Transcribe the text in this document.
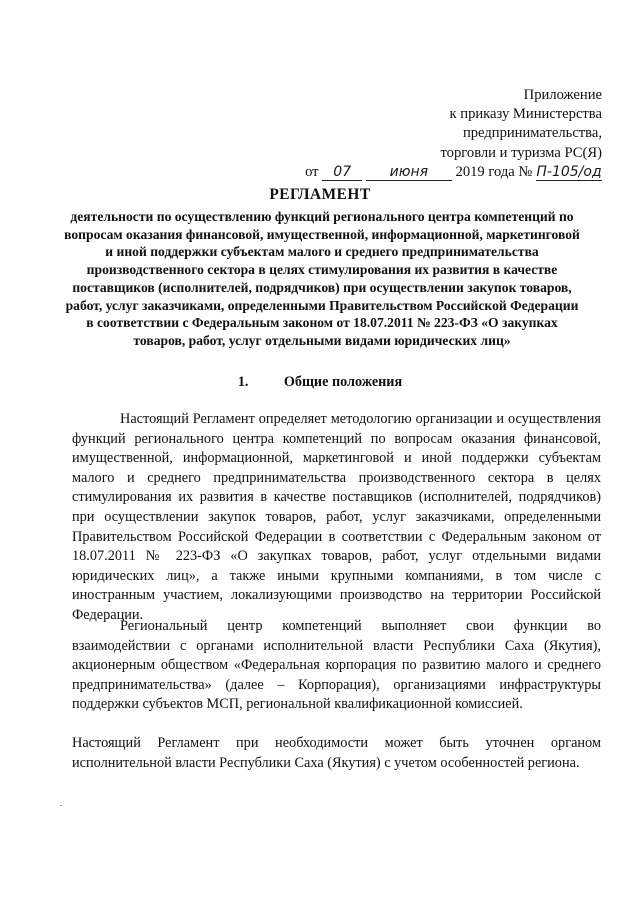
Приложение
к приказу Министерства
предпринимательства,
торговли и туризма РС(Я)
от 07	июня 2019 года № П-105/од
РЕГЛАМЕНТ
деятельности по осуществлению функций регионального центра компетенций по вопросам оказания финансовой, имущественной, информационной, маркетинговой и иной поддержки субъектам малого и среднего предпринимательства производственного сектора в целях стимулирования их развития в качестве поставщиков (исполнителей, подрядчиков) при осуществлении закупок товаров, работ, услуг заказчиками, определенными Правительством Российской Федерации в соответствии с Федеральным законом от 18.07.2011 № 223-ФЗ «О закупках товаров, работ, услуг отдельными видами юридических лиц»
1. Общие положения

Настоящий Регламент определяет методологию организации и осуществления функций регионального центра компетенций по вопросам оказания финансовой, имущественной, информационной, маркетинговой и иной поддержки субъектам малого и среднего предпринимательства производственного сектора в целях стимулирования их развития в качестве поставщиков (исполнителей, подрядчиков) при осуществлении закупок товаров, работ, услуг заказчиками, определенными Правительством Российской Федерации в соответствии с Федеральным законом от 18.07.2011 № 223-ФЗ «О закупках товаров, работ, услуг отдельными видами юридических лиц», а также иными крупными компаниями, в том числе с иностранным участием, локализующими производство на территории Российской Федерации.

Региональный центр компетенций выполняет свои функции во взаимодействии с органами исполнительной власти Республики Саха (Якутия), акционерным обществом «Федеральная корпорация по развитию малого и среднего предпринимательства» (далее – Корпорация), организациями инфраструктуры поддержки субъектов МСП, региональной квалификационной комиссией.

Настоящий Регламент при необходимости может быть уточнен органом исполнительной власти Республики Саха (Якутия) с учетом особенностей региона.
